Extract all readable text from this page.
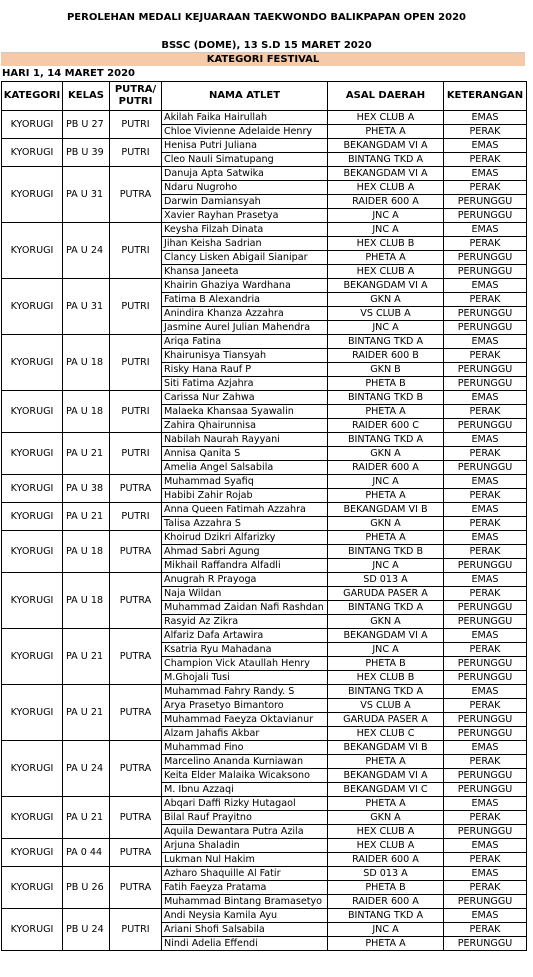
PEROLEHAN MEDALI KEJUARAAN TAEKWONDO BALIKPAPAN OPEN 2020
BSSC (DOME), 13 S.D 15 MARET 2020
KATEGORI FESTIVAL
HARI 1, 14 MARET 2020
KATEGORI	KELAS	PUTRA/ PUTRI	NAMA ATLET	ASAL DAERAH	KETERANGAN
KYORUGI	PB U 27	PUTRI	Akilah Faika Hairullah	HEX CLUB A	EMAS
			Chloe Vivienne Adelaide Henry	PHETA A	PERAK
KYORUGI	PB U 39	PUTRI	Henisa Putri Juliana	BEKANGDAM VI A	EMAS
			Cleo Nauli Simatupang	BINTANG TKD A	PERAK
KYORUGI	PA U 31	PUTRA	Danuja Apta Satwika	BEKANGDAM VI A	EMAS
			Ndaru Nugroho	HEX CLUB A	PERAK
			Darwin Damiansyah	RAIDER 600 A	PERUNGGU
			Xavier Rayhan Prasetya	JNC A	PERUNGGU
KYORUGI	PA U 24	PUTRI	Keysha Filzah Dinata	JNC A	EMAS
			Jihan Keisha Sadrian	HEX CLUB B	PERAK
			Clancy Lisken Abigail Sianipar	PHETA A	PERUNGGU
			Khansa Janeeta	HEX CLUB A	PERUNGGU
KYORUGI	PA U 31	PUTRI	Khairin Ghaziya Wardhana	BEKANGDAM VI A	EMAS
			Fatima B Alexandria	GKN A	PERAK
			Anindira Khanza Azzahra	VS CLUB A	PERUNGGU
			Jasmine Aurel Julian Mahendra	JNC A	PERUNGGU
KYORUGI	PA U 18	PUTRI	Ariqa Fatina	BINTANG TKD A	EMAS
			Khairunisya Tiansyah	RAIDER 600 B	PERAK
			Risky Hana Rauf P	GKN B	PERUNGGU
			Siti Fatima Azjahra	PHETA B	PERUNGGU
KYORUGI	PA U 18	PUTRI	Carissa Nur Zahwa	BINTANG TKD B	EMAS
			Malaeka Khansaa Syawalin	PHETA A	PERAK
			Zahira Qhairunnisa	RAIDER 600 C	PERUNGGU
KYORUGI	PA U 21	PUTRI	Nabilah Naurah Rayyani	BINTANG TKD A	EMAS
			Annisa Qanita S	GKN A	PERAK
			Amelia Angel Salsabila	RAIDER 600 A	PERUNGGU
KYORUGI	PA U 38	PUTRA	Muhammad Syafiq	JNC A	EMAS
			Habibi Zahir Rojab	PHETA A	PERAK
KYORUGI	PA U 21	PUTRI	Anna Queen Fatimah Azzahra	BEKANGDAM VI B	EMAS
			Talisa Azzahra S	GKN A	PERAK
KYORUGI	PA U 18	PUTRA	Khoirud Dzikri Alfarizky	PHETA A	EMAS
			Ahmad Sabri Agung	BINTANG TKD B	PERAK
			Mikhail Raffandra Alfadli	JNC A	PERUNGGU
KYORUGI	PA U 18	PUTRA	Anugrah R Prayoga	SD 013 A	EMAS
			Naja Wildan	GARUDA PASER A	PERAK
			Muhammad Zaidan Nafi Rashdan	BINTANG TKD A	PERUNGGU
			Rasyid Az Zikra	GKN A	PERUNGGU
KYORUGI	PA U 21	PUTRA	Alfariz Dafa Artawira	BEKANGDAM VI A	EMAS
			Ksatria Ryu Mahadana	JNC A	PERAK
			Champion Vick Ataullah Henry	PHETA B	PERUNGGU
			M.Ghojali Tusi	HEX CLUB B	PERUNGGU
KYORUGI	PA U 21	PUTRA	Muhammad Fahry Randy. S	BINTANG TKD A	EMAS
			Arya Prasetyo Bimantoro	VS CLUB A	PERAK
			Muhammad Faeyza Oktavianur	GARUDA PASER A	PERUNGGU
			Alzam Jahafis Akbar	HEX CLUB C	PERUNGGU
KYORUGI	PA U 24	PUTRA	Muhammad Fino	BEKANGDAM VI B	EMAS
			Marcelino Ananda Kurniawan	PHETA A	PERAK
			Keita Elder Malaika Wicaksono	BEKANGDAM VI A	PERUNGGU
			M. Ibnu Azzaqi	BEKANGDAM VI C	PERUNGGU
KYORUGI	PA U 21	PUTRA	Abqari Daffi Rizky Hutagaol	PHETA A	EMAS
			Bilal Rauf Prayitno	GKN A	PERAK
			Aquila Dewantara Putra Azila	HEX CLUB A	PERUNGGU
KYORUGI	PA 0 44	PUTRA	Arjuna Shaladin	HEX CLUB A	EMAS
			Lukman Nul Hakim	RAIDER 600 A	PERAK
KYORUGI	PB U 26	PUTRA	Azharo Shaquille Al Fatir	SD 013 A	EMAS
			Fatih Faeyza Pratama	PHETA B	PERAK
			Muhammad Bintang Bramasetyo	RAIDER 600 A	PERUNGGU
KYORUGI	PB U 24	PUTRI	Andi Neysia Kamila Ayu	BINTANG TKD A	EMAS
			Ariani Shofi Salsabila	JNC A	PERAK
			Nindi Adelia Effendi	PHETA A	PERUNGGU
